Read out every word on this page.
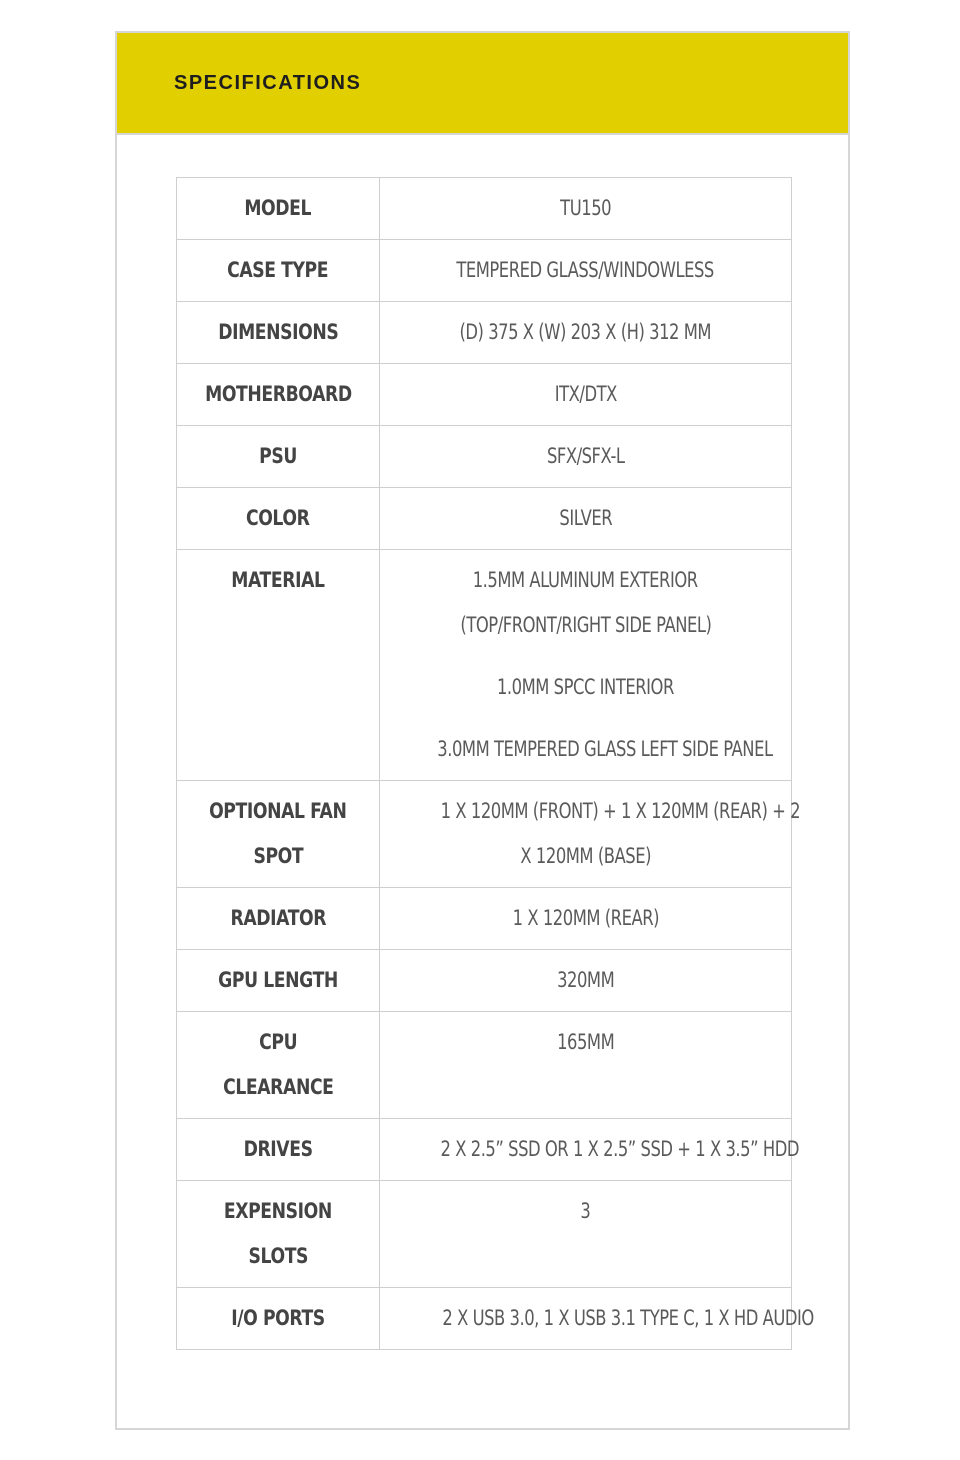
SPECIFICATIONS
MODEL	TU150

CASE TYPE	TEMPERED GLASS/WINDOWLESS

DIMENSIONS	(D) 375 X (W) 203 X (H) 312 MM

MOTHERBOARD	ITX/DTX

PSU	SFX/SFX-L

COLOR	SILVER

MATERIAL	1.5MM ALUMINUM EXTERIOR
(TOP/FRONT/RIGHT SIDE PANEL)
1.0MM SPCC INTERIOR
3.0MM TEMPERED GLASS LEFT SIDE PANEL

OPTIONAL FAN
SPOT	1 X 120MM (FRONT) + 1 X 120MM (REAR) + 2
X 120MM (BASE)

RADIATOR	1 X 120MM (REAR)

GPU LENGTH	320MM

CPU
CLEARANCE	165MM

DRIVES	2 X 2.5” SSD OR 1 X 2.5” SSD + 1 X 3.5” HDD

EXPENSION
SLOTS	3

I/O PORTS	2 X USB 3.0, 1 X USB 3.1 TYPE C, 1 X HD AUDIO
